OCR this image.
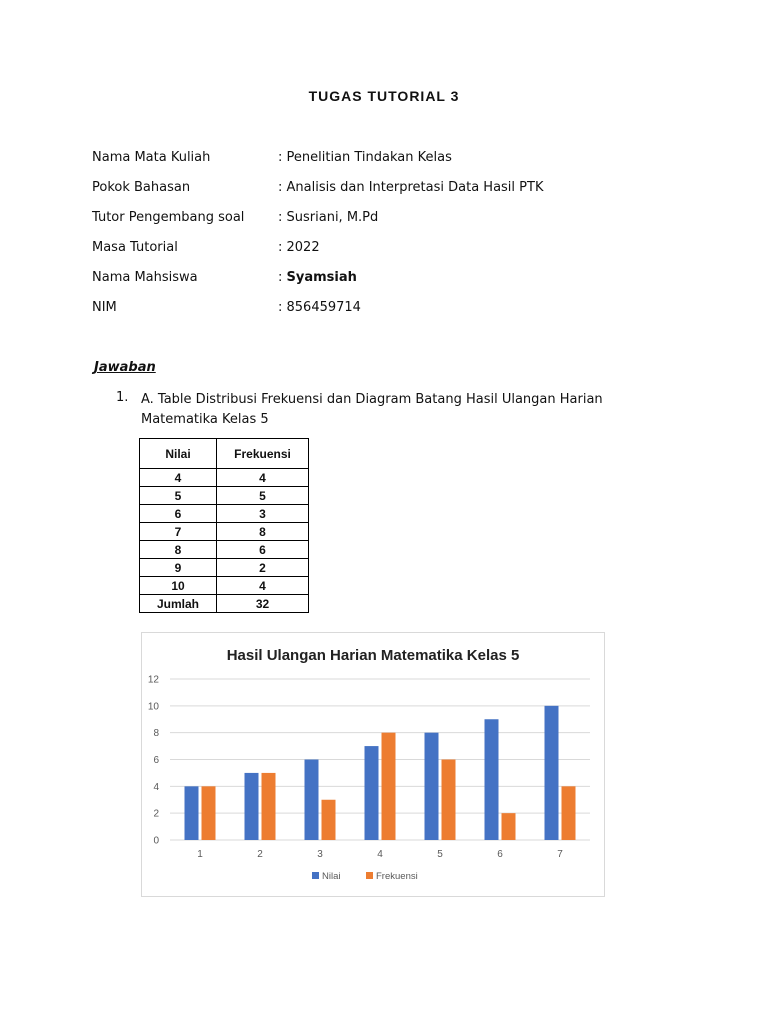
TUGAS TUTORIAL 3
Nama Mata Kuliah	: Penelitian Tindakan Kelas
Pokok Bahasan	: Analisis dan Interpretasi Data Hasil PTK
Tutor Pengembang soal	: Susriani, M.Pd
Masa Tutorial	: 2022
Nama Mahsiswa	: Syamsiah
NIM	: 856459714
Jawaban
1. A. Table Distribusi Frekuensi dan Diagram Batang Hasil Ulangan Harian Matematika Kelas 5
Nilai	Frekuensi
4	4
5	5
6	3
7	8
8	6
9	2
10	4
Jumlah	32
Hasil Ulangan Harian Matematika Kelas 5
0
2
4
6
8
10
12
1	2	3	4	5	6	7
Nilai	Frekuensi
